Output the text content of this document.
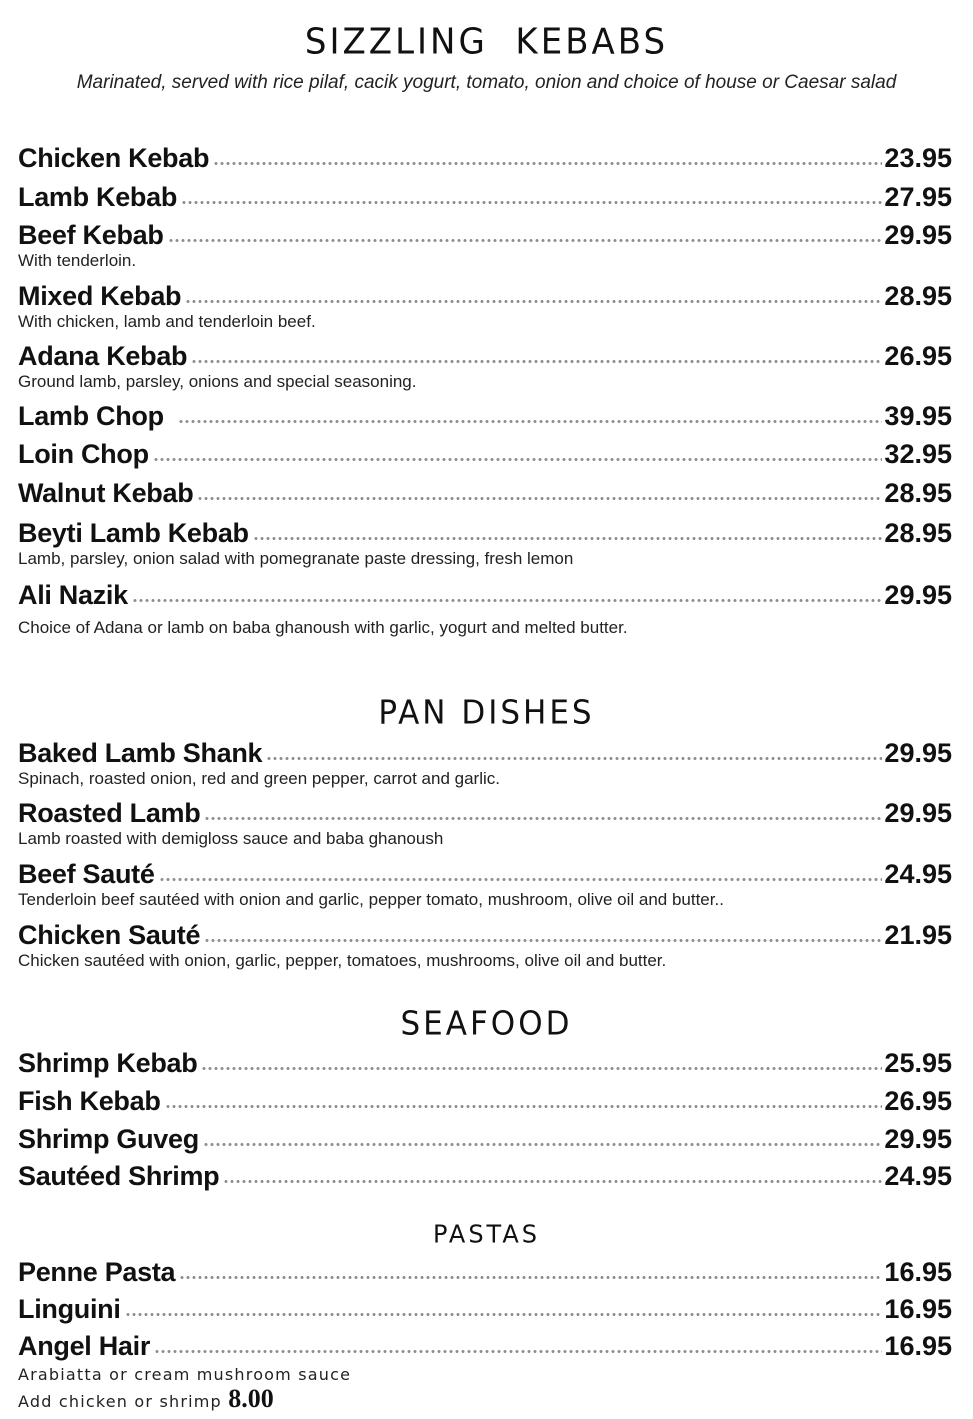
SIZZLING  KEBABS

Marinated, served with rice pilaf, cacik yogurt, tomato, onion and choice of house or Caesar salad

Chicken Kebab	23.95
Lamb Kebab	27.95
Beef Kebab	29.95
With tenderloin.
Mixed Kebab	28.95
With chicken, lamb and tenderloin beef.
Adana Kebab	26.95
Ground lamb, parsley, onions and special seasoning.
Lamb Chop	39.95
Loin Chop	32.95
Walnut Kebab	28.95
Beyti Lamb Kebab	28.95
Lamb, parsley, onion salad with pomegranate paste dressing, fresh lemon
Ali Nazik	29.95
Choice of Adana or lamb on baba ghanoush with garlic, yogurt and melted butter.
PAN DISHES
Baked Lamb Shank	29.95
Spinach, roasted onion, red and green pepper, carrot and garlic.
Roasted Lamb	29.95
Lamb roasted with demigloss sauce and baba ghanoush
Beef Sauté	24.95
Tenderloin beef sautéed with onion and garlic, pepper tomato, mushroom, olive oil and butter..
Chicken Sauté	21.95
Chicken sautéed with onion, garlic, pepper, tomatoes, mushrooms, olive oil and butter.
SEAFOOD
Shrimp Kebab	25.95
Fish Kebab	26.95
Shrimp Guveg	29.95
Sautéed Shrimp	24.95
PASTAS
Penne Pasta	16.95
Linguini	16.95
Angel Hair	16.95
Arabiatta or cream mushroom sauce
Add chicken or shrimp 8.00
